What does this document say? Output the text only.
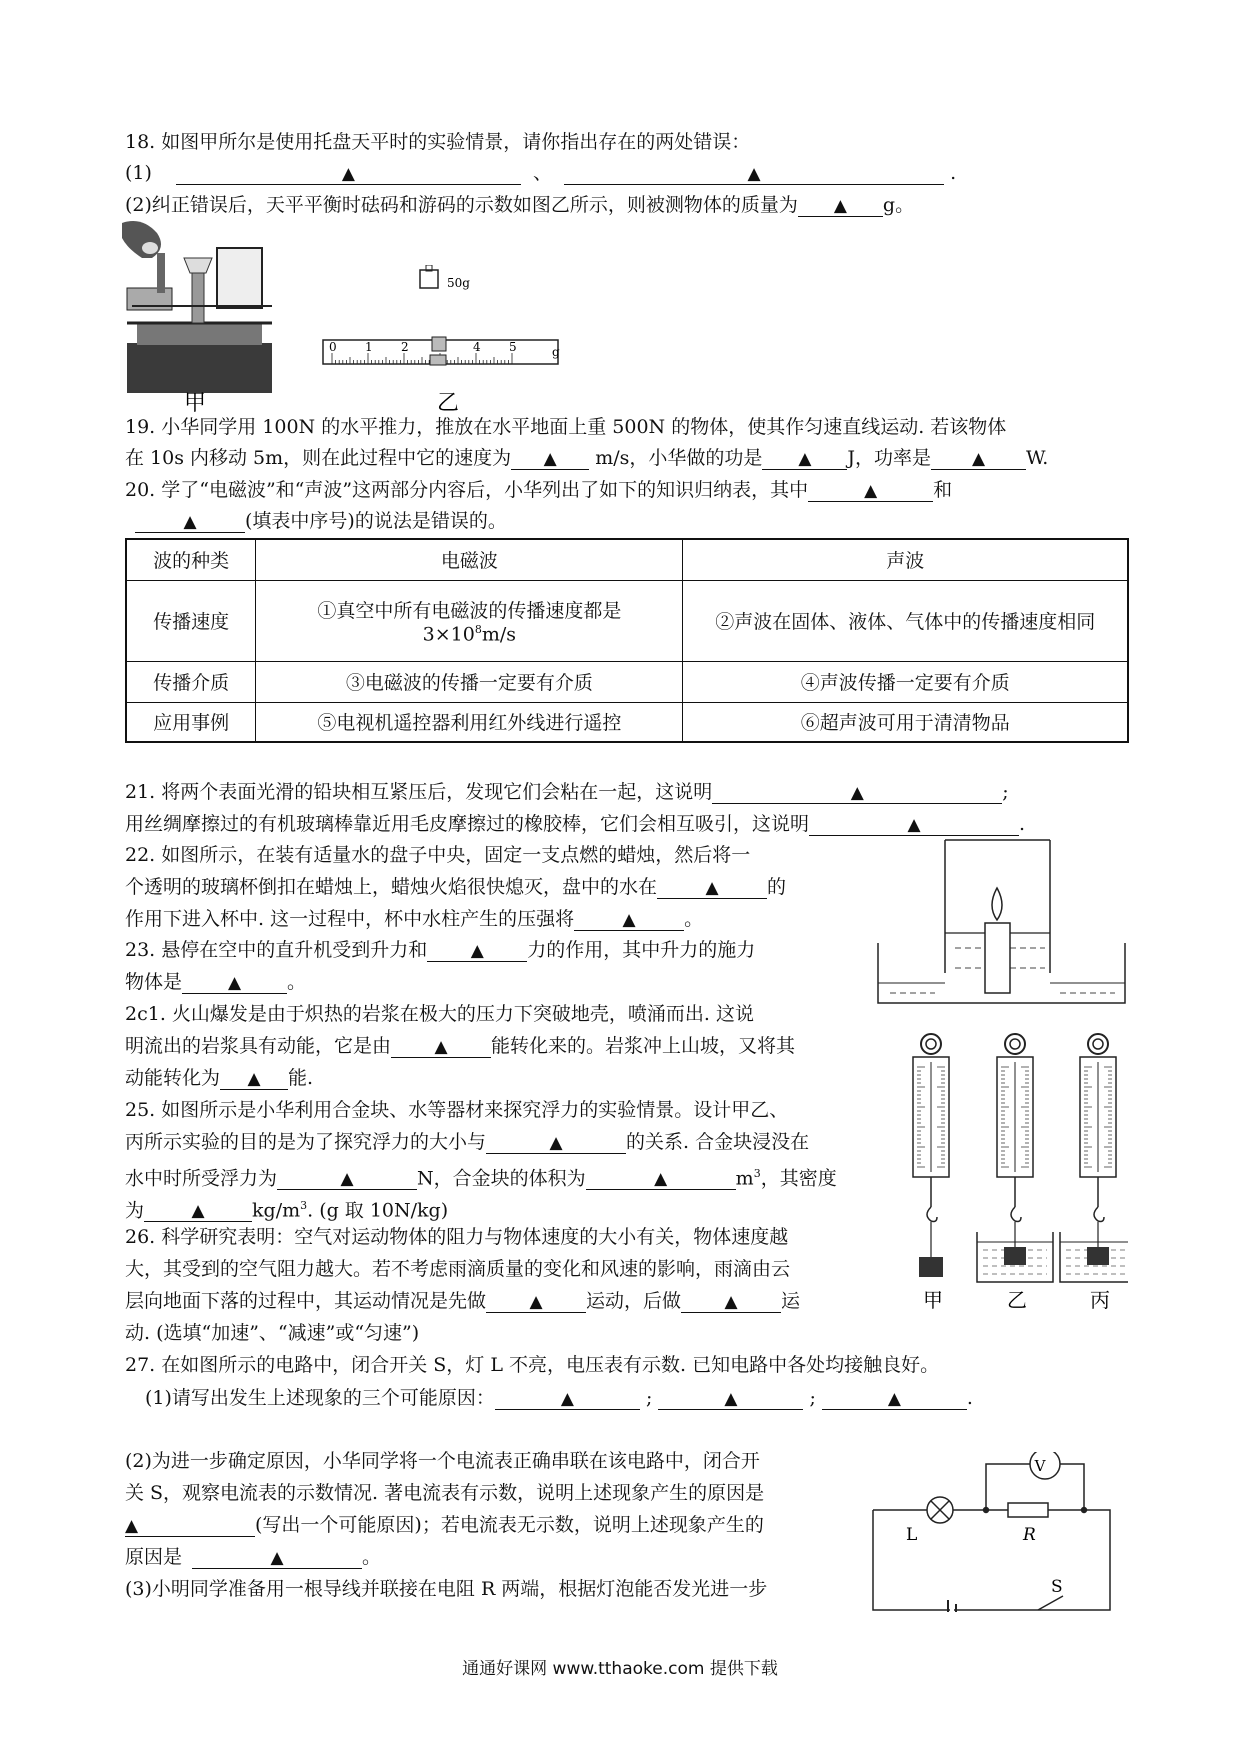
18. 如图甲所尔是使用托盘天平时的实验情景，请你指出存在的两处错误：
(1)	▲	、	▲	.
(2)纠正错误后，天平平衡时砝码和游码的示数如图乙所示，则被测物体的质量为 ▲ g。
甲
50g
0 1 2	4 5	g
乙
19. 小华同学用 100N 的水平推力，推放在水平地面上重 500N 的物体，使其作匀速直线运动. 若该物体
在 10s 内移动 5m，则在此过程中它的速度为 ▲ m/s，小华做的功是 ▲ J，功率是 ▲ W.
20. 学了“电磁波”和“声波”这两部分内容后，小华列出了如下的知识归纳表，其中	▲	和
▲	(填表中序号)的说法是错误的。
波的种类	电磁波	声波
传播速度	①真空中所有电磁波的传播速度都是
$3\times 10^8m/s$	②声波在固体、液体、气体中的传播速度相同
传播介质	③电磁波的传播一定要有介质	④声波传播一定要有介质
应用事例	⑤电视机遥控器利用红外线进行遥控	⑥超声波可用于清清物品
21. 将两个表面光滑的铅块相互紧压后，发现它们会粘在一起，这说明	▲	;
用丝绸摩擦过的有机玻璃棒靠近用毛皮摩擦过的橡胶棒，它们会相互吸引，这说明	▲	.
22. 如图所示，在装有适量水的盘子中央，固定一支点燃的蜡烛，然后将一
个透明的玻璃杯倒扣在蜡烛上，蜡烛火焰很快熄灭，盘中的水在	▲	的
作用下进入杯中. 这一过程中，杯中水柱产生的压强将	▲	。
23. 悬停在空中的直升机受到升力和	▲ 力的作用，其中升力的施力
物体是	▲ 。
2c1. 火山爆发是由于炽热的岩浆在极大的压力下突破地壳，喷涌而出. 这说
明流出的岩浆具有动能，它是由	▲ 能转化来的。岩浆冲上山坡，又将其
动能转化为 ▲ 能.
甲	乙	丙
25. 如图所示是小华利用合金块、水等器材来探究浮力的实验情景。设计甲乙、
丙所示实验的目的是为了探究浮力的大小与	▲	的关系. 合金块浸没在
水中时所受浮力为	▲	N，合金块的体积为	▲	$m^3$，其密度
为	▲ $kg/m^3$. (g 取 10N/kg)
26. 科学研究表明：空气对运动物体的阻力与物体速度的大小有关，物体速度越
大，其受到的空气阻力越大。若不考虑雨滴质量的变化和风速的影响，雨滴由云
层向地面下落的过程中，其运动情况是先做	▲ 运动，后做	▲ 运
动. (选填“加速”、“减速”或“匀速”)
27. 在如图所示的电路中，闭合开关 S，灯 L 不亮，电压表有示数. 已知电路中各处均接触良好。
(1)请写出发生上述现象的三个可能原因：	▲	;	▲	;	▲	.
(2)为进一步确定原因，小华同学将一个电流表正确串联在该电路中，闭合开
关 S，观察电流表的示数情况. 著电流表有示数，说明上述现象产生的原因是
▲	(写出一个可能原因)；若电流表无示数，说明上述现象产生的
原因是	▲	。
(3)小明同学准备用一根导线并联接在电阻 R 两端，根据灯泡能否发光进一步
V
L	R
S
通通好课网 www.tthaoke.com 提供下载
